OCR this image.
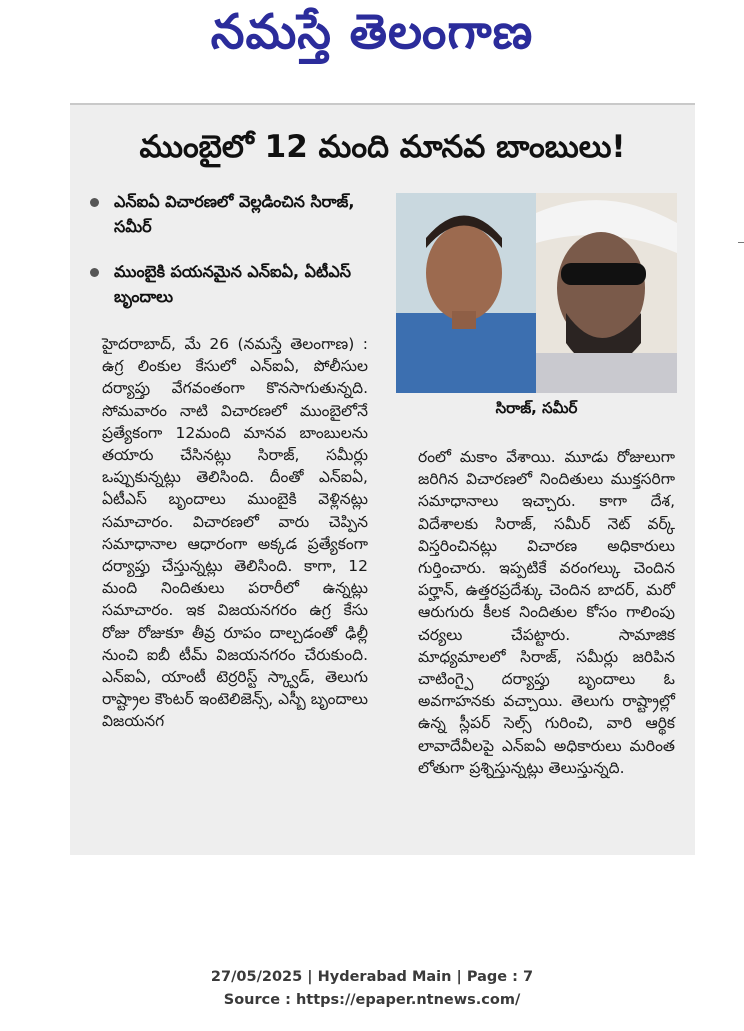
నమస్తే తెలంగాణ
ముంబైలో 12 మంది మానవ బాంబులు!
ఎన్ఐఏ విచారణలో వెల్లడించిన సిరాజ్, సమీర్
ముంబైకి పయనమైన ఎన్ఐఏ, ఏటీఎస్ బృందాలు
సిరాజ్, సమీర్
హైదరాబాద్, మే 26 (నమస్తే తెలంగాణ) : ఉగ్ర లింకుల కేసులో ఎన్ఐఏ, పోలీసుల దర్యాప్తు వేగవంతంగా కొనసాగుతున్నది. సోమవారం నాటి విచారణలో ముంబైలోనే ప్రత్యేకంగా 12మంది మానవ బాంబులను తయారు చేసినట్లు సిరాజ్, సమీర్లు ఒప్పుకున్నట్లు తెలిసింది. దీంతో ఎన్ఐఏ, ఏటీఎస్ బృందాలు ముంబైకి వెళ్లినట్లు సమాచారం. విచారణలో వారు చెప్పిన సమాధానాల ఆధారంగా అక్కడ ప్రత్యేకంగా దర్యాప్తు చేస్తున్నట్లు తెలిసింది. కాగా, 12 మంది నిందితులు పరారీలో ఉన్నట్లు సమాచారం. ఇక విజయనగరం ఉగ్ర కేసు రోజు రోజుకూ తీవ్ర రూపం దాల్చడంతో ఢిల్లీ నుంచి ఐబీ టీమ్ విజయనగరం చేరుకుంది. ఎన్ఐఏ, యాంటీ టెర్రరిస్ట్ స్క్వాడ్, తెలుగు రాష్ట్రాల కౌంటర్ ఇంటెలిజెన్స్, ఎస్బీ బృందాలు విజయనగ
రంలో మకాం వేశాయి. మూడు రోజులుగా జరిగిన విచారణలో నిందితులు ముక్తసరిగా సమాధానాలు ఇచ్చారు. కాగా దేశ, విదేశాలకు సిరాజ్, సమీర్ నెట్ వర్క్ విస్తరించినట్లు విచారణ అధికారులు గుర్తించారు. ఇప్పటికే వరంగల్కు చెందిన పర్హాన్, ఉత్తరప్రదేశ్కు చెందిన బాదర్, మరో ఆరుగురు కీలక నిందితుల కోసం గాలింపు చర్యలు చేపట్టారు. సామాజిక మాధ్యమాలలో సిరాజ్, సమీర్లు జరిపిన చాటింగ్పై దర్యాప్తు బృందాలు ఓ అవగాహనకు వచ్చాయి. తెలుగు రాష్ట్రాల్లో ఉన్న స్లీపర్ సెల్స్ గురించి, వారి ఆర్థిక లావాదేవీలపై ఎన్ఐఏ అధికారులు మరింత లోతుగా ప్రశ్నిస్తున్నట్లు తెలుస్తున్నది.
27/05/2025 | Hyderabad Main | Page : 7
Source : https://epaper.ntnews.com/
